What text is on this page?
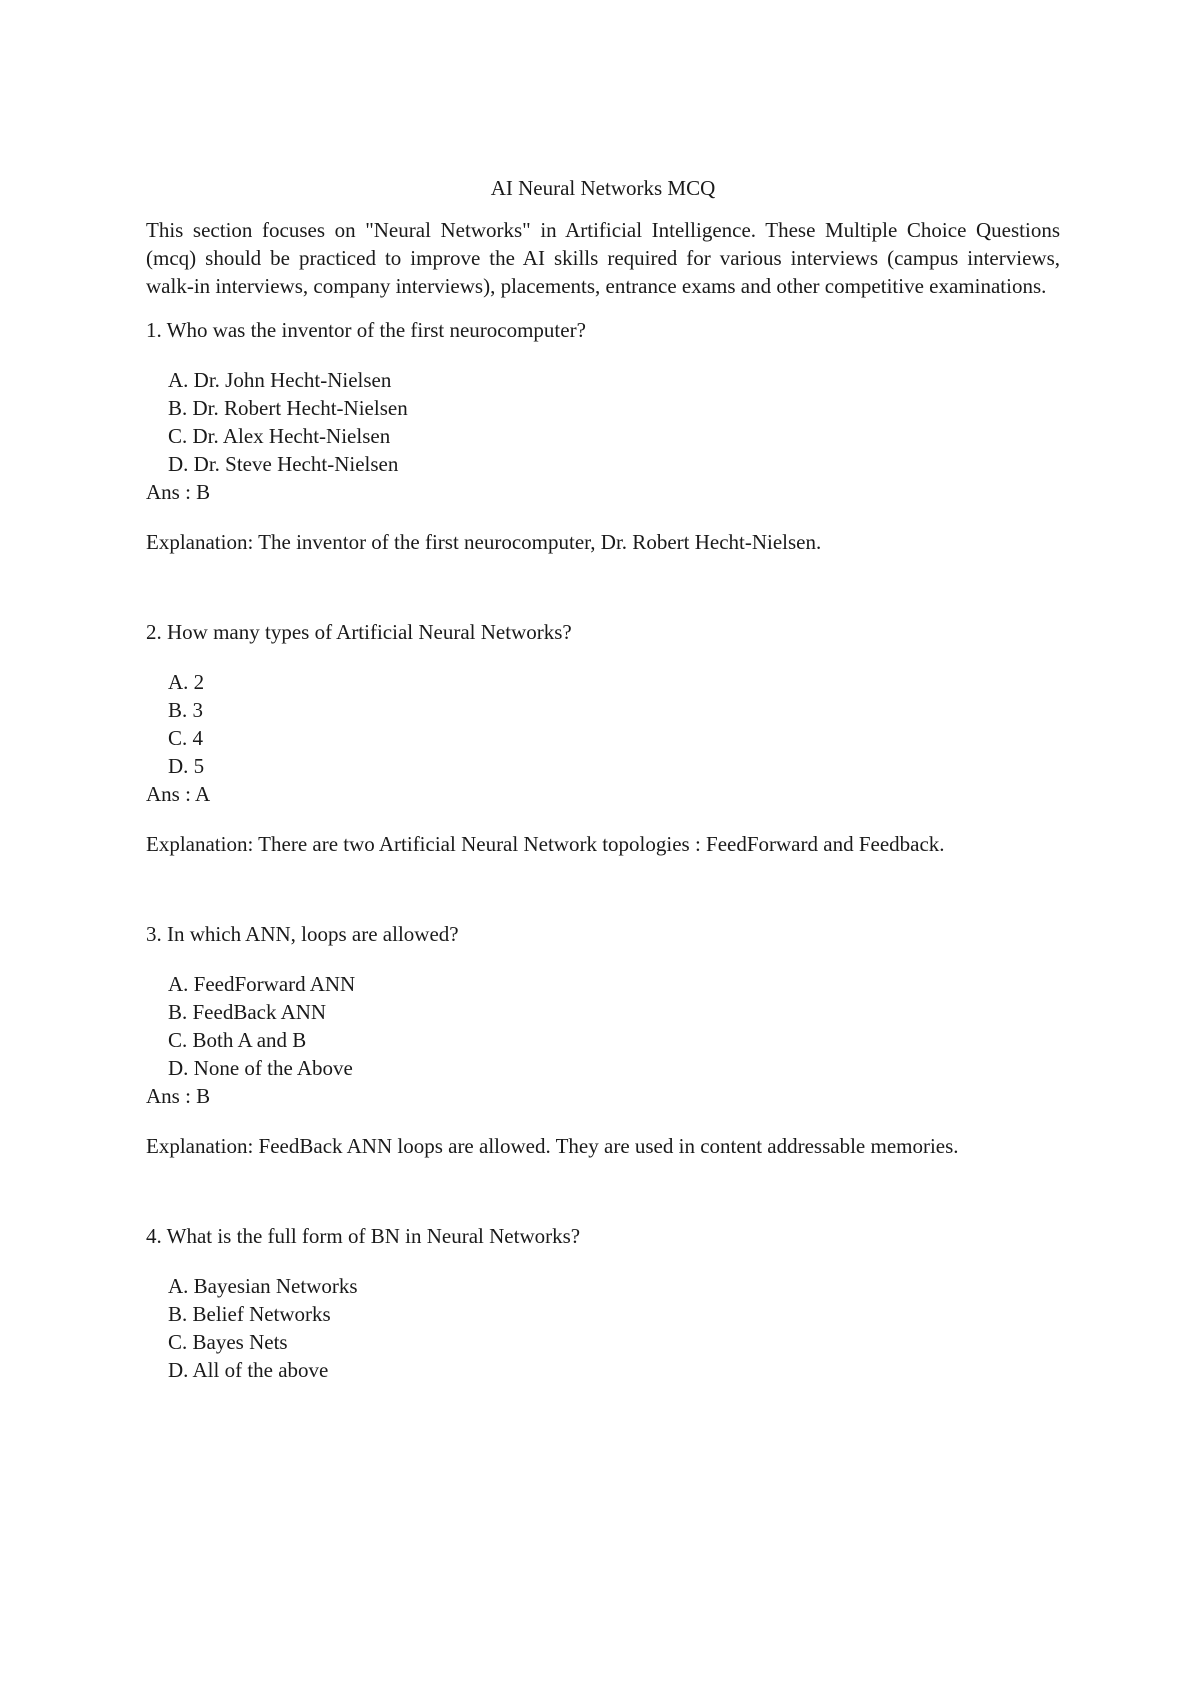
AI Neural Networks MCQ

This section focuses on "Neural Networks" in Artificial Intelligence. These Multiple Choice Questions (mcq) should be practiced to improve the AI skills required for various interviews (campus interviews, walk-in interviews, company interviews), placements, entrance exams and other competitive examinations.

1. Who was the inventor of the first neurocomputer?

A. Dr. John Hecht-Nielsen
B. Dr. Robert Hecht-Nielsen
C. Dr. Alex Hecht-Nielsen
D. Dr. Steve Hecht-Nielsen

Ans : B

Explanation: The inventor of the first neurocomputer, Dr. Robert Hecht-Nielsen.

2. How many types of Artificial Neural Networks?

A. 2
B. 3
C. 4
D. 5

Ans : A

Explanation: There are two Artificial Neural Network topologies : FeedForward and Feedback.

3. In which ANN, loops are allowed?

A. FeedForward ANN
B. FeedBack ANN
C. Both A and B
D. None of the Above

Ans : B

Explanation: FeedBack ANN loops are allowed. They are used in content addressable memories.

4. What is the full form of BN in Neural Networks?

A. Bayesian Networks
B. Belief Networks
C. Bayes Nets
D. All of the above
